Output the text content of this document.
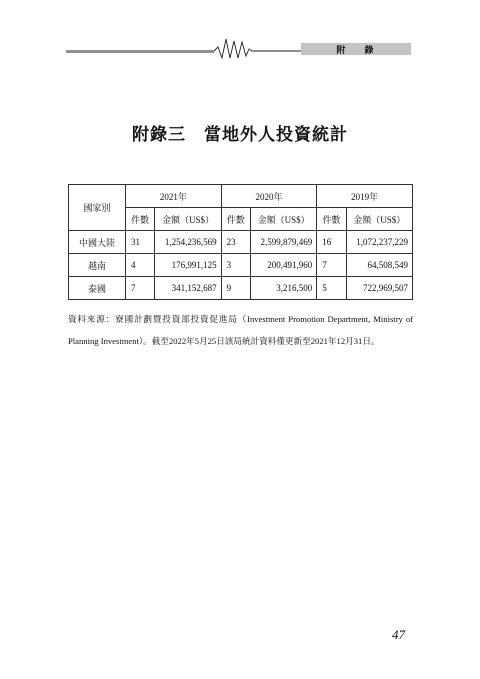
附 錄
附錄三　當地外人投資統計
國家別	2021年		2020年		2019年	
	件數	金額（US$）	件數	金額（US$）	件數	金額（US$）
中國大陸	31	1,254,236,569	23	2,599,879,469	16	1,072,237,229
越南	4	176,991,125	3	200,491,960	7	64,508,549
泰國	7	341,152,687	9	3,216,500	5	722,969,507
資料來源：寮國計劃暨投資部投資促進局（Investment Promotion Department, Ministry of Planning Investment）。截至2022年5月25日該局統計資料僅更新至2021年12月31日。
47
